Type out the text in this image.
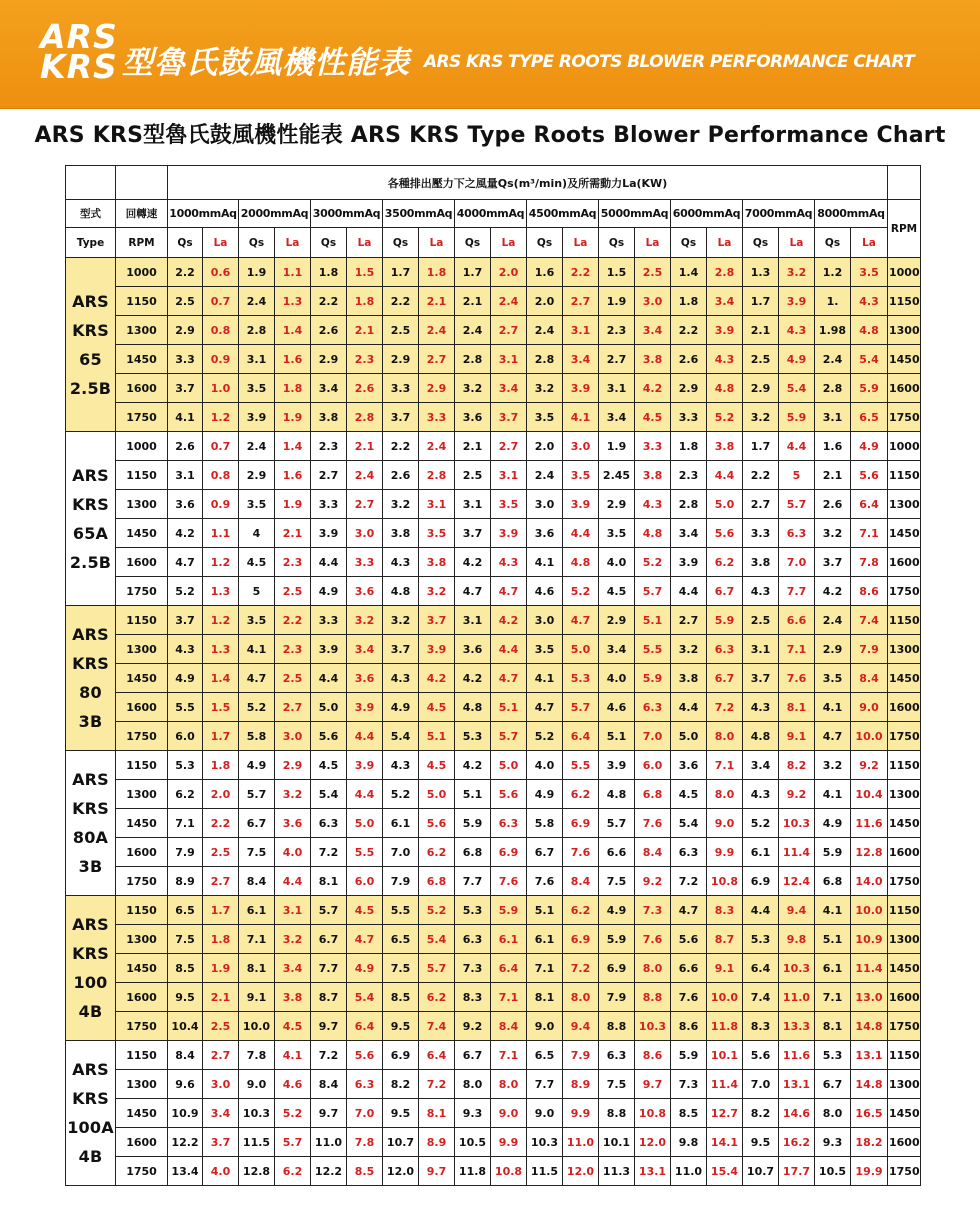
ARS
KRS 型魯氏鼓風機性能表 ARS KRS TYPE ROOTS BLOWER PERFORMANCE CHART
ARS KRS型魯氏鼓風機性能表 ARS KRS Type Roots Blower Performance Chart
		各種排出壓力下之風量Qs(m³/min)及所需動力La(KW)																				
型式	回轉速	1000mmAq		2000mmAq		3000mmAq		3500mmAq		4000mmAq		4500mmAq		5000mmAq		6000mmAq		7000mmAq		8000mmAq		RPM
Type	RPM	Qs	La	Qs	La	Qs	La	Qs	La	Qs	La	Qs	La	Qs	La	Qs	La	Qs	La	Qs	La	

ARS
KRS
65
2.5B	1000	2.2	0.6	1.9	1.1	1.8	1.5	1.7	1.8	1.7	2.0	1.6	2.2	1.5	2.5	1.4	2.8	1.3	3.2	1.2	3.5	1000
	1150	2.5	0.7	2.4	1.3	2.2	1.8	2.2	2.1	2.1	2.4	2.0	2.7	1.9	3.0	1.8	3.4	1.7	3.9	1.	4.3	1150
	1300	2.9	0.8	2.8	1.4	2.6	2.1	2.5	2.4	2.4	2.7	2.4	3.1	2.3	3.4	2.2	3.9	2.1	4.3	1.98	4.8	1300
	1450	3.3	0.9	3.1	1.6	2.9	2.3	2.9	2.7	2.8	3.1	2.8	3.4	2.7	3.8	2.6	4.3	2.5	4.9	2.4	5.4	1450
	1600	3.7	1.0	3.5	1.8	3.4	2.6	3.3	2.9	3.2	3.4	3.2	3.9	3.1	4.2	2.9	4.8	2.9	5.4	2.8	5.9	1600
	1750	4.1	1.2	3.9	1.9	3.8	2.8	3.7	3.3	3.6	3.7	3.5	4.1	3.4	4.5	3.3	5.2	3.2	5.9	3.1	6.5	1750

ARS
KRS
65A
2.5B	1000	2.6	0.7	2.4	1.4	2.3	2.1	2.2	2.4	2.1	2.7	2.0	3.0	1.9	3.3	1.8	3.8	1.7	4.4	1.6	4.9	1000
	1150	3.1	0.8	2.9	1.6	2.7	2.4	2.6	2.8	2.5	3.1	2.4	3.5	2.45	3.8	2.3	4.4	2.2	5	2.1	5.6	1150
	1300	3.6	0.9	3.5	1.9	3.3	2.7	3.2	3.1	3.1	3.5	3.0	3.9	2.9	4.3	2.8	5.0	2.7	5.7	2.6	6.4	1300
	1450	4.2	1.1	4	2.1	3.9	3.0	3.8	3.5	3.7	3.9	3.6	4.4	3.5	4.8	3.4	5.6	3.3	6.3	3.2	7.1	1450
	1600	4.7	1.2	4.5	2.3	4.4	3.3	4.3	3.8	4.2	4.3	4.1	4.8	4.0	5.2	3.9	6.2	3.8	7.0	3.7	7.8	1600
	1750	5.2	1.3	5	2.5	4.9	3.6	4.8	3.2	4.7	4.7	4.6	5.2	4.5	5.7	4.4	6.7	4.3	7.7	4.2	8.6	1750

ARS
KRS
80
3B	1150	3.7	1.2	3.5	2.2	3.3	3.2	3.2	3.7	3.1	4.2	3.0	4.7	2.9	5.1	2.7	5.9	2.5	6.6	2.4	7.4	1150
	1300	4.3	1.3	4.1	2.3	3.9	3.4	3.7	3.9	3.6	4.4	3.5	5.0	3.4	5.5	3.2	6.3	3.1	7.1	2.9	7.9	1300
	1450	4.9	1.4	4.7	2.5	4.4	3.6	4.3	4.2	4.2	4.7	4.1	5.3	4.0	5.9	3.8	6.7	3.7	7.6	3.5	8.4	1450
	1600	5.5	1.5	5.2	2.7	5.0	3.9	4.9	4.5	4.8	5.1	4.7	5.7	4.6	6.3	4.4	7.2	4.3	8.1	4.1	9.0	1600
	1750	6.0	1.7	5.8	3.0	5.6	4.4	5.4	5.1	5.3	5.7	5.2	6.4	5.1	7.0	5.0	8.0	4.8	9.1	4.7	10.0	1750

ARS
KRS
80A
3B	1150	5.3	1.8	4.9	2.9	4.5	3.9	4.3	4.5	4.2	5.0	4.0	5.5	3.9	6.0	3.6	7.1	3.4	8.2	3.2	9.2	1150
	1300	6.2	2.0	5.7	3.2	5.4	4.4	5.2	5.0	5.1	5.6	4.9	6.2	4.8	6.8	4.5	8.0	4.3	9.2	4.1	10.4	1300
	1450	7.1	2.2	6.7	3.6	6.3	5.0	6.1	5.6	5.9	6.3	5.8	6.9	5.7	7.6	5.4	9.0	5.2	10.3	4.9	11.6	1450
	1600	7.9	2.5	7.5	4.0	7.2	5.5	7.0	6.2	6.8	6.9	6.7	7.6	6.6	8.4	6.3	9.9	6.1	11.4	5.9	12.8	1600
	1750	8.9	2.7	8.4	4.4	8.1	6.0	7.9	6.8	7.7	7.6	7.6	8.4	7.5	9.2	7.2	10.8	6.9	12.4	6.8	14.0	1750

ARS
KRS
100
4B	1150	6.5	1.7	6.1	3.1	5.7	4.5	5.5	5.2	5.3	5.9	5.1	6.2	4.9	7.3	4.7	8.3	4.4	9.4	4.1	10.0	1150
	1300	7.5	1.8	7.1	3.2	6.7	4.7	6.5	5.4	6.3	6.1	6.1	6.9	5.9	7.6	5.6	8.7	5.3	9.8	5.1	10.9	1300
	1450	8.5	1.9	8.1	3.4	7.7	4.9	7.5	5.7	7.3	6.4	7.1	7.2	6.9	8.0	6.6	9.1	6.4	10.3	6.1	11.4	1450
	1600	9.5	2.1	9.1	3.8	8.7	5.4	8.5	6.2	8.3	7.1	8.1	8.0	7.9	8.8	7.6	10.0	7.4	11.0	7.1	13.0	1600
	1750	10.4	2.5	10.0	4.5	9.7	6.4	9.5	7.4	9.2	8.4	9.0	9.4	8.8	10.3	8.6	11.8	8.3	13.3	8.1	14.8	1750

ARS
KRS
100A
4B	1150	8.4	2.7	7.8	4.1	7.2	5.6	6.9	6.4	6.7	7.1	6.5	7.9	6.3	8.6	5.9	10.1	5.6	11.6	5.3	13.1	1150
	1300	9.6	3.0	9.0	4.6	8.4	6.3	8.2	7.2	8.0	8.0	7.7	8.9	7.5	9.7	7.3	11.4	7.0	13.1	6.7	14.8	1300
	1450	10.9	3.4	10.3	5.2	9.7	7.0	9.5	8.1	9.3	9.0	9.0	9.9	8.8	10.8	8.5	12.7	8.2	14.6	8.0	16.5	1450
	1600	12.2	3.7	11.5	5.7	11.0	7.8	10.7	8.9	10.5	9.9	10.3	11.0	10.1	12.0	9.8	14.1	9.5	16.2	9.3	18.2	1600
	1750	13.4	4.0	12.8	6.2	12.2	8.5	12.0	9.7	11.8	10.8	11.5	12.0	11.3	13.1	11.0	15.4	10.7	17.7	10.5	19.9	1750
